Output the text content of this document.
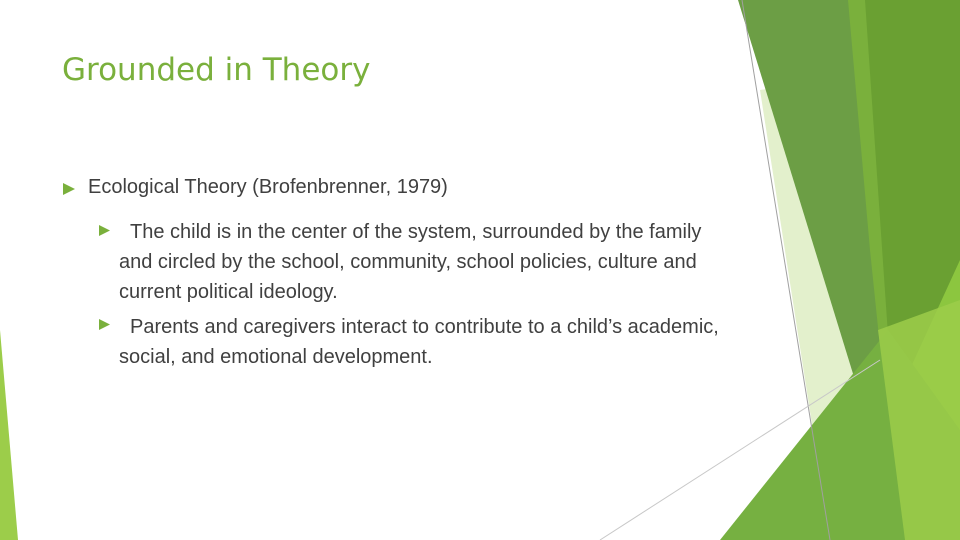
Grounded in Theory
Ecological Theory (Brofenbrenner, 1979)
The child is in the center of the system, surrounded by the family and circled by the school, community, school policies, culture and current political ideology.
Parents and caregivers interact to contribute to a child’s academic, social, and emotional development.
